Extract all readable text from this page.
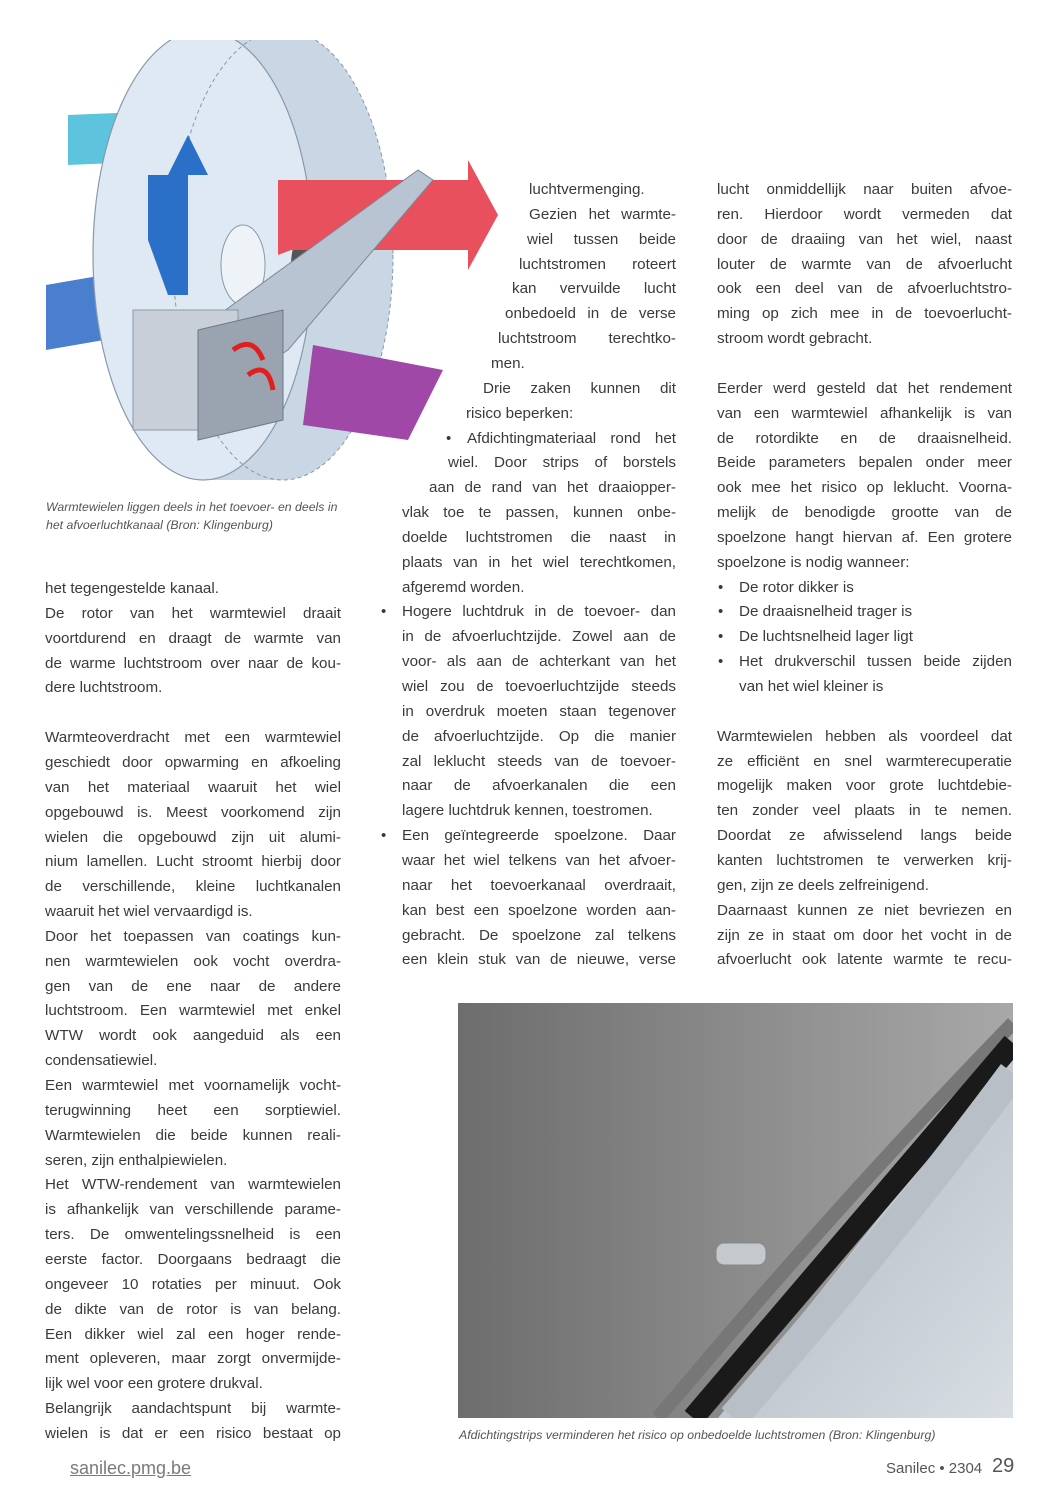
Warmtewielen liggen deels in het toevoer- en deels in
het afvoerluchtkanaal (Bron: Klingenburg)
Afdichtingstrips verminderen het risico op onbedoelde luchtstromen (Bron: Klingenburg)
het tegengestelde kanaal.
De rotor van het warmtewiel draait
voortdurend en draagt de warmte van
de warme luchtstroom over naar de kou-
dere luchtstroom.
Warmteoverdracht met een warmtewiel
geschiedt door opwarming en afkoeling
van het materiaal waaruit het wiel
opgebouwd is. Meest voorkomend zijn
wielen die opgebouwd zijn uit alumi-
nium lamellen. Lucht stroomt hierbij door
de verschillende, kleine luchtkanalen
waaruit het wiel vervaardigd is.
Door het toepassen van coatings kun-
nen warmtewielen ook vocht overdra-
gen van de ene naar de andere
luchtstroom. Een warmtewiel met enkel
WTW wordt ook aangeduid als een
condensatiewiel.
Een warmtewiel met voornamelijk vocht-
terugwinning heet een sorptiewiel.
Warmtewielen die beide kunnen reali-
seren, zijn enthalpiewielen.
Het WTW-rendement van warmtewielen
is afhankelijk van verschillende parame-
ters. De omwentelingssnelheid is een
eerste factor. Doorgaans bedraagt die
ongeveer 10 rotaties per minuut. Ook
de dikte van de rotor is van belang.
Een dikker wiel zal een hoger rende-
ment opleveren, maar zorgt onvermijde-
lijk wel voor een grotere drukval.
Belangrijk aandachtspunt bij warmte-
wielen is dat er een risico bestaat op
luchtvermenging.
Gezien het warmte-
wiel tussen beide
luchtstromen roteert
kan vervuilde lucht
onbedoeld in de verse
luchtstroom terechtko-
men.
Drie zaken kunnen dit
risico beperken:
Afdichtingmateriaal rond het
•
wiel. Door strips of borstels
aan de rand van het draaiopper-
vlak toe te passen, kunnen onbe-
doelde luchtstromen die naast in
plaats van in het wiel terechtkomen,
afgeremd worden.
Hogere luchtdruk in de toevoer- dan
•
in de afvoerluchtzijde. Zowel aan de
voor- als aan de achterkant van het
wiel zou de toevoerluchtzijde steeds
in overdruk moeten staan tegenover
de afvoerluchtzijde. Op die manier
zal leklucht steeds van de toevoer-
naar de afvoerkanalen die een
lagere luchtdruk kennen, toestromen.
Een geïntegreerde spoelzone. Daar
•
waar het wiel telkens van het afvoer-
naar het toevoerkanaal overdraait,
kan best een spoelzone worden aan-
gebracht. De spoelzone zal telkens
een klein stuk van de nieuwe, verse
lucht onmiddellijk naar buiten afvoe-
ren. Hierdoor wordt vermeden dat
door de draaiing van het wiel, naast
louter de warmte van de afvoerlucht
ook een deel van de afvoerluchtstro-
ming op zich mee in de toevoerlucht-
stroom wordt gebracht.
Eerder werd gesteld dat het rendement
van een warmtewiel afhankelijk is van
de rotordikte en de draaisnelheid.
Beide parameters bepalen onder meer
ook mee het risico op leklucht. Voorna-
melijk de benodigde grootte van de
spoelzone hangt hiervan af. Een grotere
spoelzone is nodig wanneer:
De rotor dikker is
•
De draaisnelheid trager is
•
De luchtsnelheid lager ligt
•
Het drukverschil tussen beide zijden
•
van het wiel kleiner is
Warmtewielen hebben als voordeel dat
ze efficiënt en snel warmterecuperatie
mogelijk maken voor grote luchtdebie-
ten zonder veel plaats in te nemen.
Doordat ze afwisselend langs beide
kanten luchtstromen te verwerken krij-
gen, zijn ze deels zelfreinigend.
Daarnaast kunnen ze niet bevriezen en
zijn ze in staat om door het vocht in de
afvoerlucht ook latente warmte te recu-
sanilec.pmg.be	Sanilec • 2304 29
